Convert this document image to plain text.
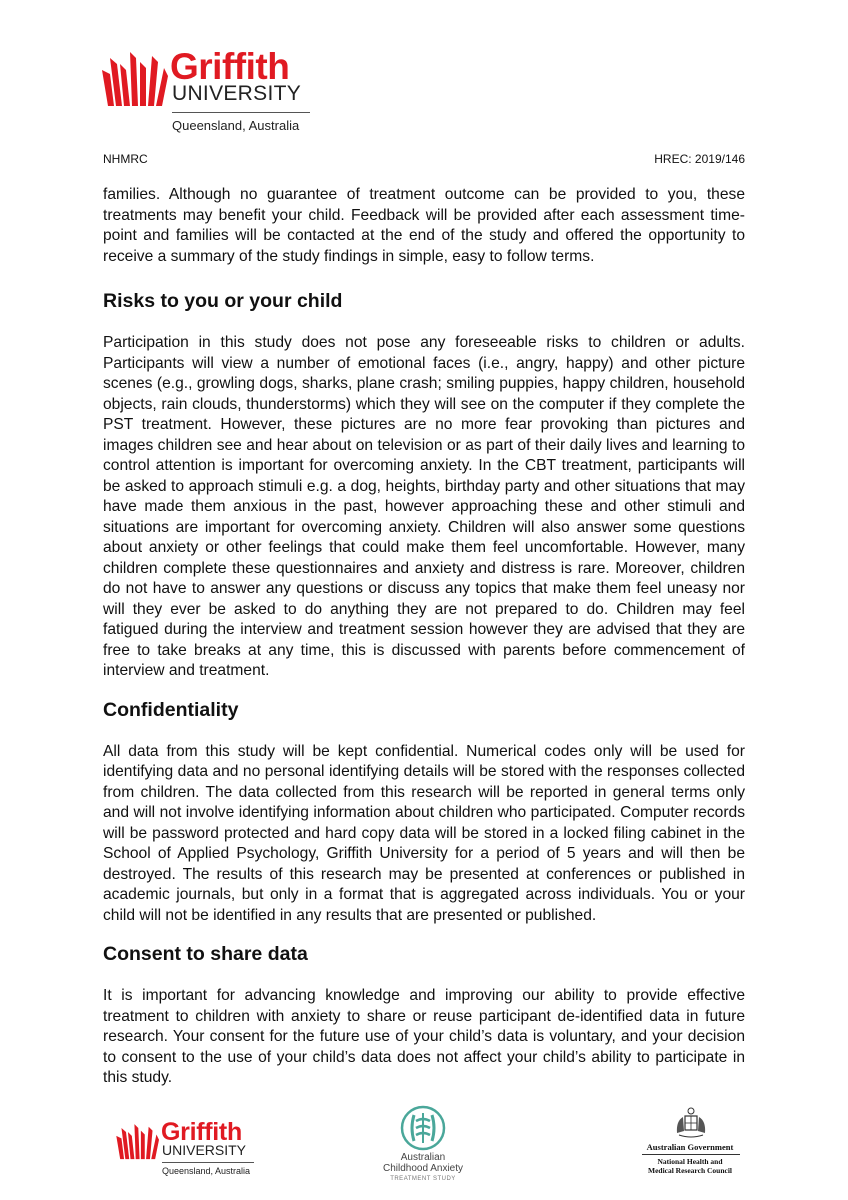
Griffith
UNIVERSITY
Queensland, Australia
NHMRC	HREC: 2019/146

families. Although no guarantee of treatment outcome can be provided to you, these treatments may benefit your child. Feedback will be provided after each assessment time-point and families will be contacted at the end of the study and offered the opportunity to receive a summary of the study findings in simple, easy to follow terms.

Risks to you or your child

Participation in this study does not pose any foreseeable risks to children or adults. Participants will view a number of emotional faces (i.e., angry, happy) and other picture scenes (e.g., growling dogs, sharks, plane crash; smiling puppies, happy children, household objects, rain clouds, thunderstorms) which they will see on the computer if they complete the PST treatment. However, these pictures are no more fear provoking than pictures and images children see and hear about on television or as part of their daily lives and learning to control attention is important for overcoming anxiety. In the CBT treatment, participants will be asked to approach stimuli e.g. a dog, heights, birthday party and other situations that may have made them anxious in the past, however approaching these and other stimuli and situations are important for overcoming anxiety. Children will also answer some questions about anxiety or other feelings that could make them feel uncomfortable. However, many children complete these questionnaires and anxiety and distress is rare. Moreover, children do not have to answer any questions or discuss any topics that make them feel uneasy nor will they ever be asked to do anything they are not prepared to do. Children may feel fatigued during the interview and treatment session however they are advised that they are free to take breaks at any time, this is discussed with parents before commencement of interview and treatment.

Confidentiality

All data from this study will be kept confidential. Numerical codes only will be used for identifying data and no personal identifying details will be stored with the responses collected from children. The data collected from this research will be reported in general terms only and will not involve identifying information about children who participated. Computer records will be password protected and hard copy data will be stored in a locked filing cabinet in the School of Applied Psychology, Griffith University for a period of 5 years and will then be destroyed. The results of this research may be presented at conferences or published in academic journals, but only in a format that is aggregated across individuals. You or your child will not be identified in any results that are presented or published.

Consent to share data

It is important for advancing knowledge and improving our ability to provide effective treatment to children with anxiety to share or reuse participant de-identified data in future research. Your consent for the future use of your child’s data is voluntary, and your decision to consent to the use of your child’s data does not affect your child’s ability to participate in this study.

Griffith
UNIVERSITY
Queensland, Australia
Australian
Childhood Anxiety
TREATMENT STUDY
Australian Government
National Health and
Medical Research Council
